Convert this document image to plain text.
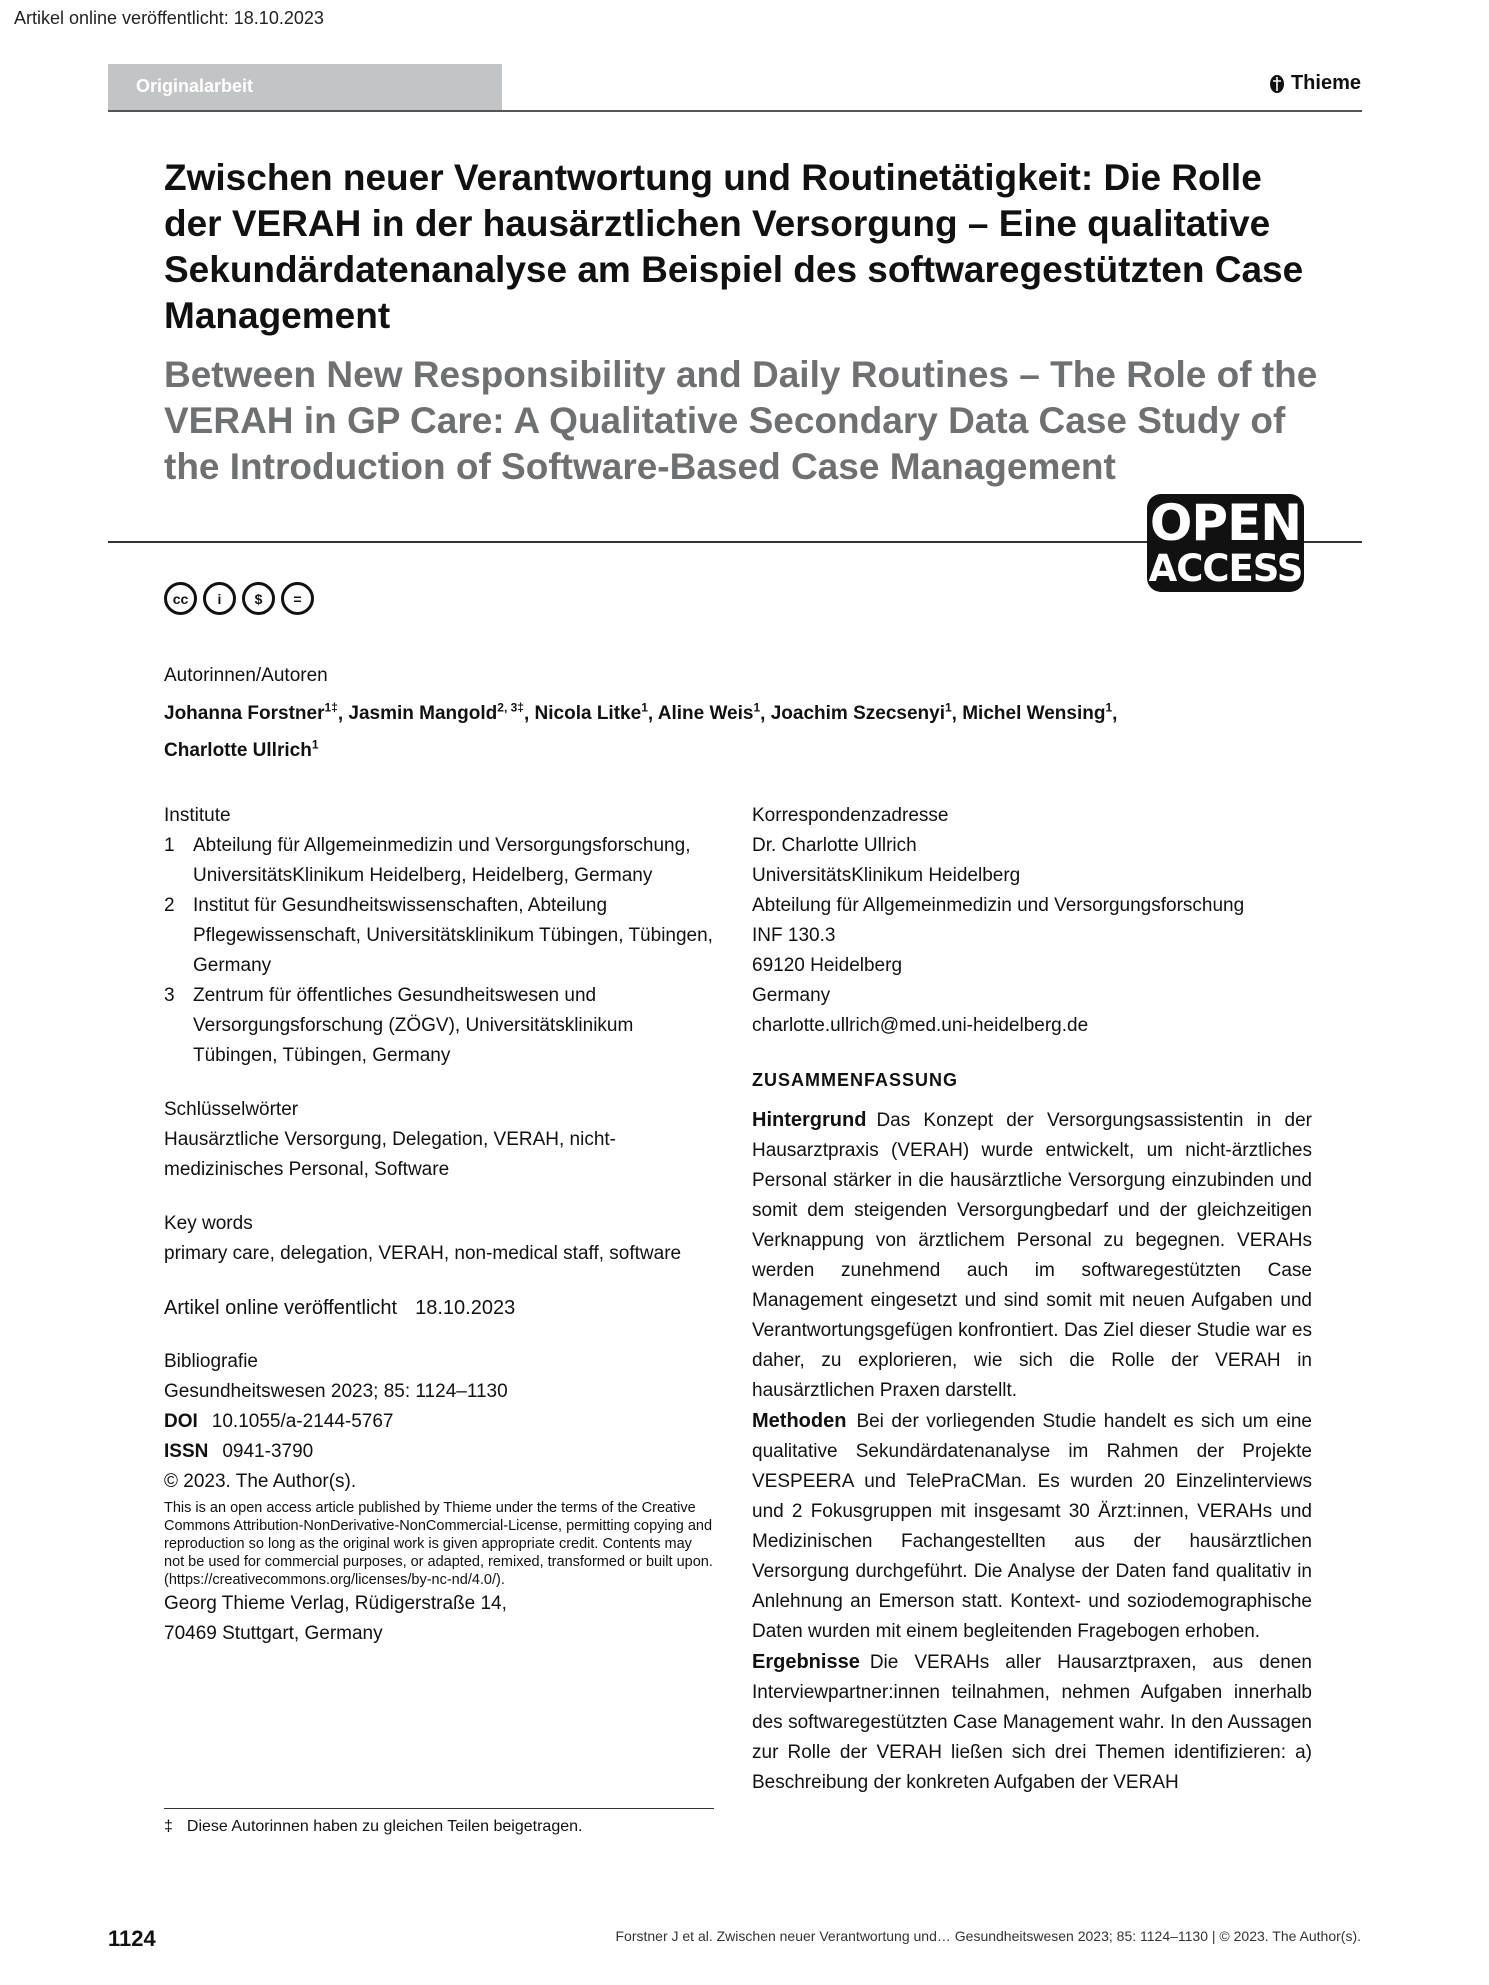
Artikel online veröffentlicht: 18.10.2023
Originalarbeit	Thieme
Zwischen neuer Verantwortung und Routinetätigkeit: Die Rolle der VERAH in der hausärztlichen Versorgung – Eine qualitative Sekundärdatenanalyse am Beispiel des softwaregestützten Case Management
Between New Responsibility and Daily Routines – The Role of the VERAH in GP Care: A Qualitative Secondary Data Case Study of the Introduction of Software-Based Case Management
OPEN
ACCESS
cc	i	$	=
Autorinnen/Autoren
Johanna Forstner$^{1\ddagger}$, Jasmin Mangold$^{2, 3\ddagger}$, Nicola Litke$^1$, Aline Weis$^1$, Joachim Szecsenyi$^1$, Michel Wensing$^1$,
Charlotte Ullrich$^1$
Institute
1 Abteilung für Allgemeinmedizin und Versorgungsforschung, UniversitätsKlinikum Heidelberg, Heidelberg, Germany
2 Institut für Gesundheitswissenschaften, Abteilung Pflegewissenschaft, Universitätsklinikum Tübingen, Tübingen, Germany
3 Zentrum für öffentliches Gesundheitswesen und Versorgungsforschung (ZÖGV), Universitätsklinikum Tübingen, Tübingen, Germany
Schlüsselwörter
Hausärztliche Versorgung, Delegation, VERAH, nicht-medizinisches Personal, Software
Key words
primary care, delegation, VERAH, non-medical staff, software
Artikel online veröffentlicht 18.10.2023
Bibliografie
Gesundheitswesen 2023; 85: 1124–1130
DOI 10.1055/a-2144-5767
ISSN 0941-3790
© 2023. The Author(s).
This is an open access article published by Thieme under the terms of the Creative Commons Attribution-NonDerivative-NonCommercial-License, permitting copying and reproduction so long as the original work is given appropriate credit. Contents may not be used for commercial purposes, or adapted, remixed, transformed or built upon. (https://creativecommons.org/licenses/by-nc-nd/4.0/).
Georg Thieme Verlag, Rüdigerstraße 14,
70469 Stuttgart, Germany
Korrespondenzadresse
Dr. Charlotte Ullrich
UniversitätsKlinikum Heidelberg
Abteilung für Allgemeinmedizin und Versorgungsforschung
INF 130.3
69120 Heidelberg
Germany
charlotte.ullrich@med.uni-heidelberg.de
ZUSAMMENFASSUNG
Hintergrund Das Konzept der Versorgungsassistentin in der Hausarztpraxis (VERAH) wurde entwickelt, um nicht-ärztliches Personal stärker in die hausärztliche Versorgung einzubinden und somit dem steigenden Versorgungbedarf und der gleichzeitigen Verknappung von ärztlichem Personal zu begegnen. VERAHs werden zunehmend auch im softwaregestützten Case Management eingesetzt und sind somit mit neuen Aufgaben und Verantwortungsgefügen konfrontiert. Das Ziel dieser Studie war es daher, zu explorieren, wie sich die Rolle der VERAH in hausärztlichen Praxen darstellt.
Methoden Bei der vorliegenden Studie handelt es sich um eine qualitative Sekundärdatenanalyse im Rahmen der Projekte VESPEERA und TelePraCMan. Es wurden 20 Einzelinterviews und 2 Fokusgruppen mit insgesamt 30 Ärzt:innen, VERAHs und Medizinischen Fachangestellten aus der hausärztlichen Versorgung durchgeführt. Die Analyse der Daten fand qualitativ in Anlehnung an Emerson statt. Kontext- und soziodemographische Daten wurden mit einem begleitenden Fragebogen erhoben.
Ergebnisse Die VERAHs aller Hausarztpraxen, aus denen Interviewpartner:innen teilnahmen, nehmen Aufgaben innerhalb des softwaregestützten Case Management wahr. In den Aussagen zur Rolle der VERAH ließen sich drei Themen identifizieren: a) Beschreibung der konkreten Aufgaben der VERAH
‡ Diese Autorinnen haben zu gleichen Teilen beigetragen.
1124	Forstner J et al. Zwischen neuer Verantwortung und… Gesundheitswesen 2023; 85: 1124–1130 | © 2023. The Author(s).
